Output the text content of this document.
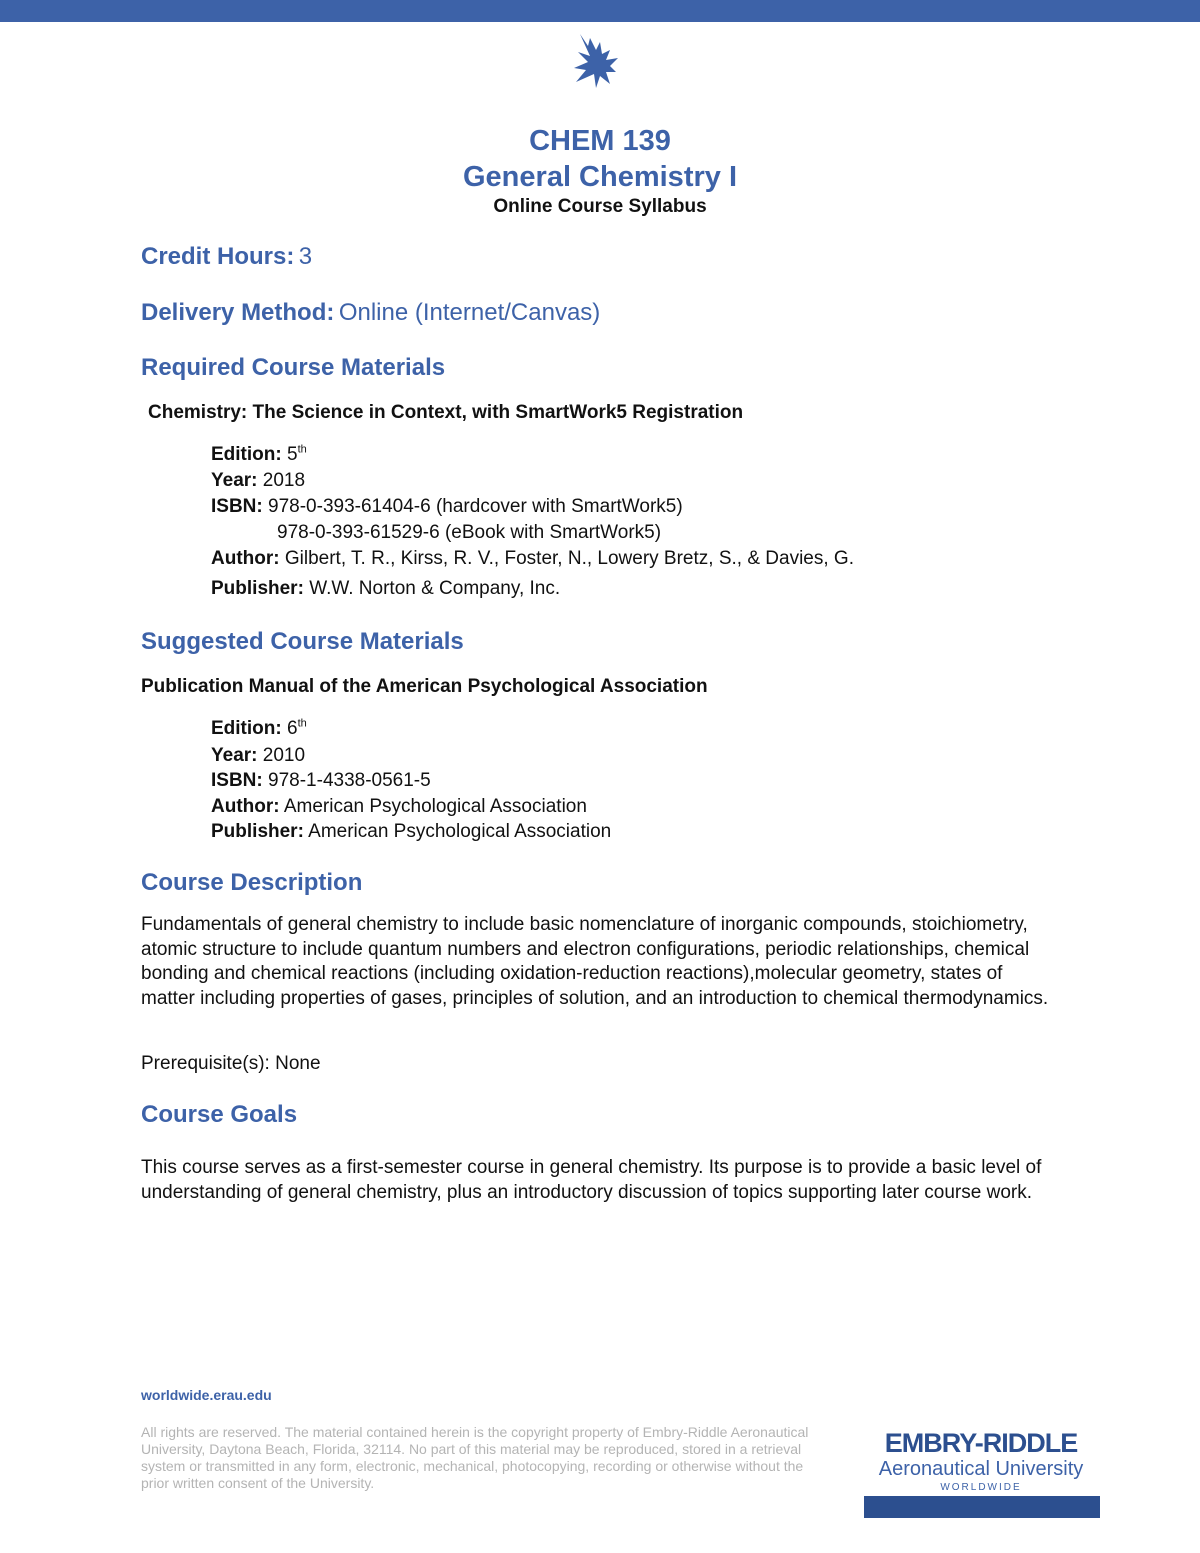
CHEM 139

General Chemistry I

Online Course Syllabus

Credit Hours: 3

Delivery Method: Online (Internet/Canvas)

Required Course Materials

Chemistry: The Science in Context, with SmartWork5 Registration

Edition: 5th

Year: 2018

ISBN: 978-0-393-61404-6 (hardcover with SmartWork5)

978-0-393-61529-6 (eBook with SmartWork5)

Author: Gilbert, T. R., Kirss, R. V., Foster, N., Lowery Bretz, S., & Davies, G.

Publisher: W.W. Norton & Company, Inc.

Suggested Course Materials

Publication Manual of the American Psychological Association

Edition: 6th

Year: 2010

ISBN: 978-1-4338-0561-5

Author: American Psychological Association

Publisher: American Psychological Association

Course Description

Fundamentals of general chemistry to include basic nomenclature of inorganic compounds, stoichiometry, atomic structure to include quantum numbers and electron configurations, periodic relationships, chemical bonding and chemical reactions (including oxidation-reduction reactions),molecular geometry, states of matter including properties of gases, principles of solution, and an introduction to chemical thermodynamics.

Prerequisite(s): None

Course Goals

This course serves as a first-semester course in general chemistry. Its purpose is to provide a basic level of understanding of general chemistry, plus an introductory discussion of topics supporting later course work.

worldwide.erau.edu

All rights are reserved. The material contained herein is the copyright property of Embry-Riddle Aeronautical University, Daytona Beach, Florida, 32114. No part of this material may be reproduced, stored in a retrieval system or transmitted in any form, electronic, mechanical, photocopying, recording or otherwise without the prior written consent of the University.

EMBRY-RIDDLE
Aeronautical University
WORLDWIDE
